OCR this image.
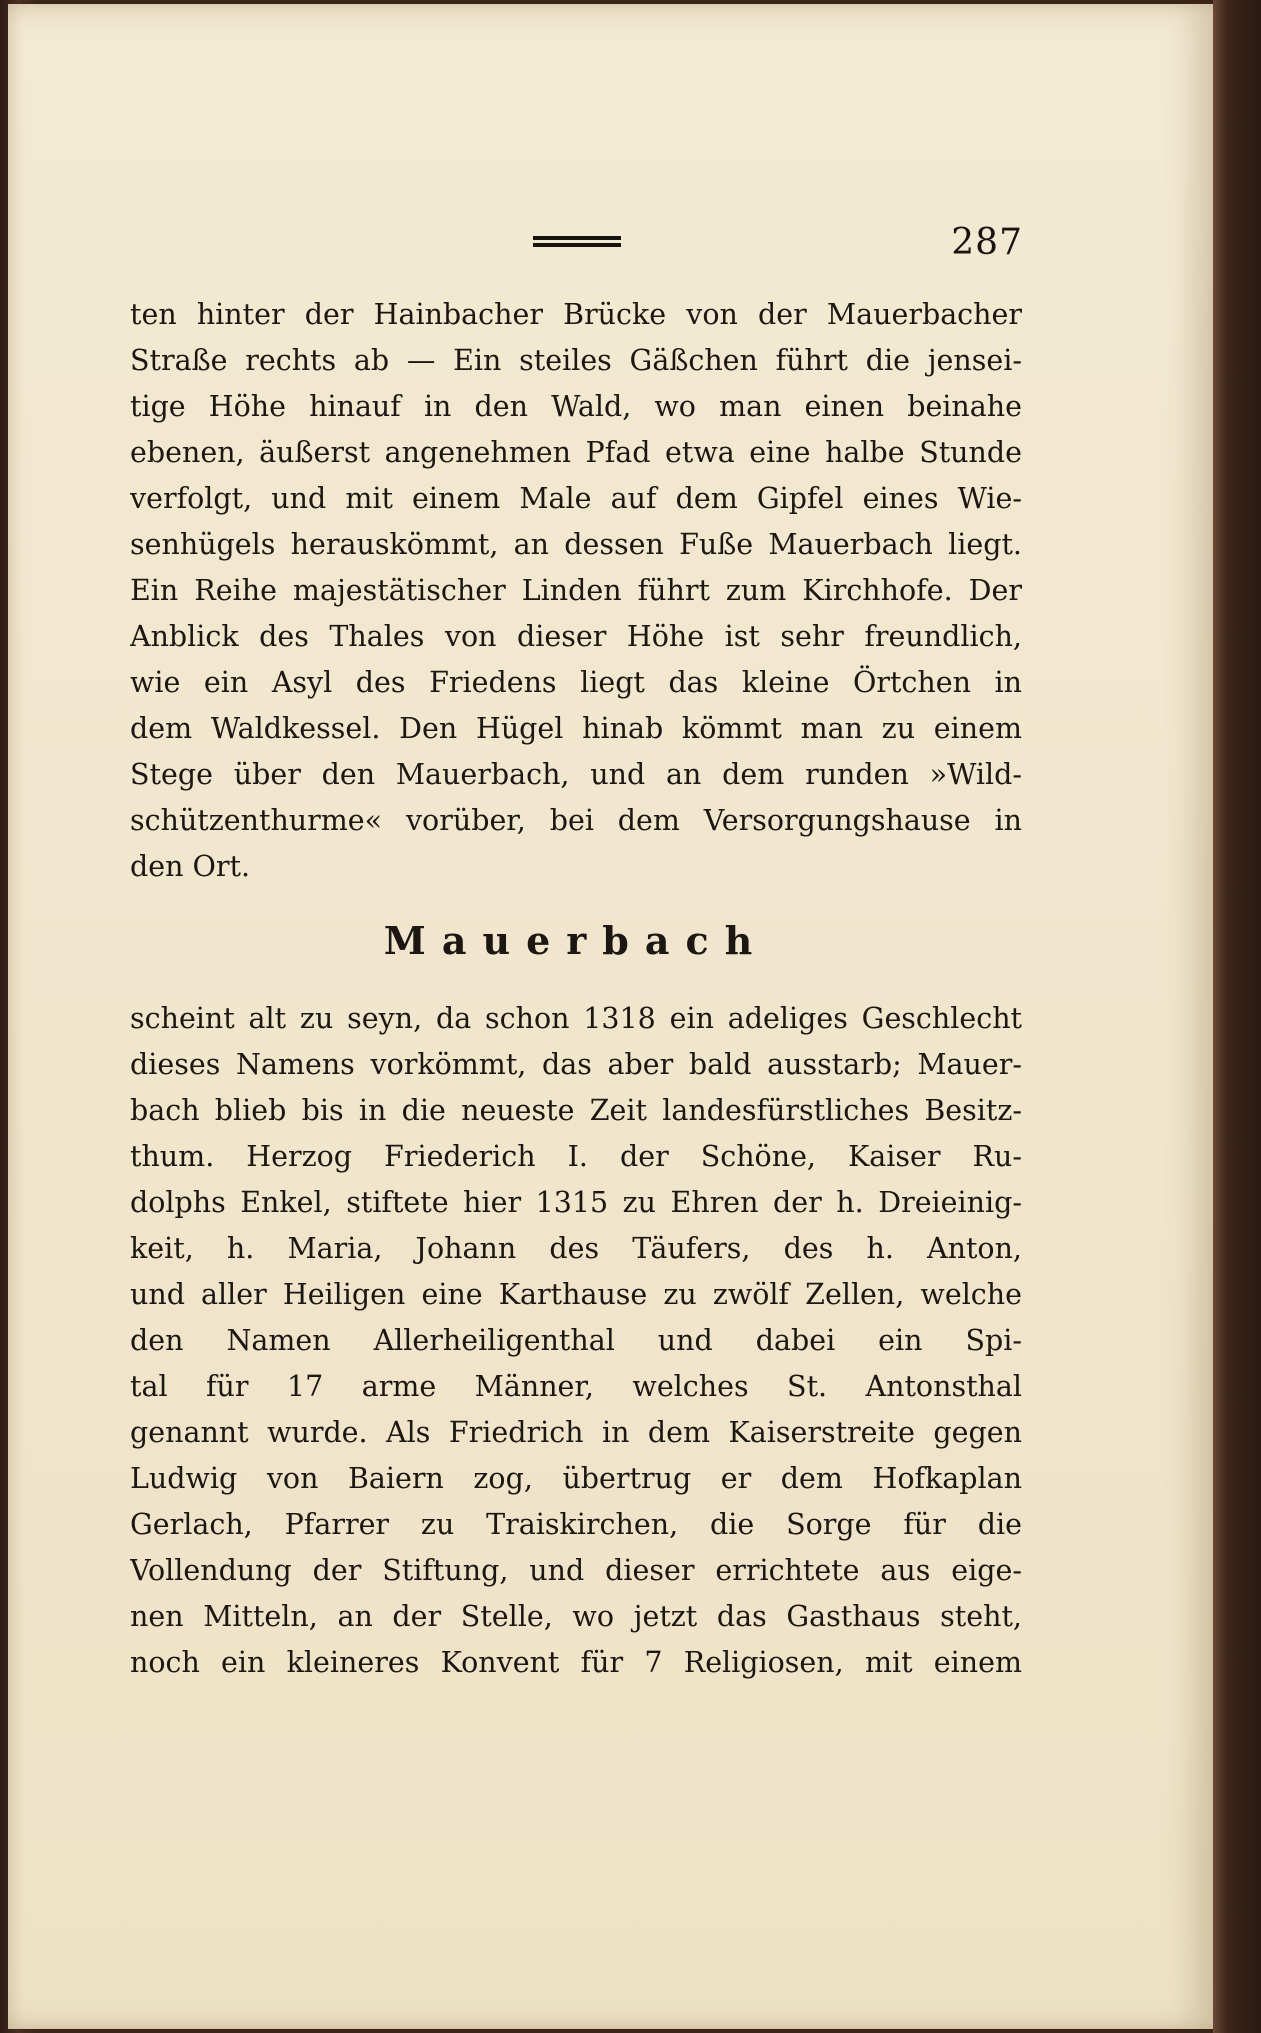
287
ten hinter der Hainbacher Brücke von der Mauerbacher
Straße rechts ab — Ein steiles Gäßchen führt die jensei-
tige Höhe hinauf in den Wald, wo man einen beinahe
ebenen, äußerst angenehmen Pfad etwa eine halbe Stunde
verfolgt, und mit einem Male auf dem Gipfel eines Wie-
senhügels herauskömmt, an dessen Fuße Mauerbach liegt.
Ein Reihe majestätischer Linden führt zum Kirchhofe. Der
Anblick des Thales von dieser Höhe ist sehr freundlich,
wie ein Asyl des Friedens liegt das kleine Örtchen in
dem Waldkessel. Den Hügel hinab kömmt man zu einem
Stege über den Mauerbach, und an dem runden »Wild-
schützenthurme« vorüber, bei dem Versorgungshause in
den Ort.
Mauerbach
scheint alt zu seyn, da schon 1318 ein adeliges Geschlecht
dieses Namens vorkömmt, das aber bald ausstarb; Mauer-
bach blieb bis in die neueste Zeit landesfürstliches Besitz-
thum. Herzog Friederich I. der Schöne, Kaiser Ru-
dolphs Enkel, stiftete hier 1315 zu Ehren der h. Dreieinig-
keit, h. Maria, Johann des Täufers, des h. Anton,
und aller Heiligen eine Karthause zu zwölf Zellen, welche
den Namen Allerheiligenthal und dabei ein Spi-
tal für 17 arme Männer, welches St. Antonsthal
genannt wurde. Als Friedrich in dem Kaiserstreite gegen
Ludwig von Baiern zog, übertrug er dem Hofkaplan
Gerlach, Pfarrer zu Traiskirchen, die Sorge für die
Vollendung der Stiftung, und dieser errichtete aus eige-
nen Mitteln, an der Stelle, wo jetzt das Gasthaus steht,
noch ein kleineres Konvent für 7 Religiosen, mit einem
